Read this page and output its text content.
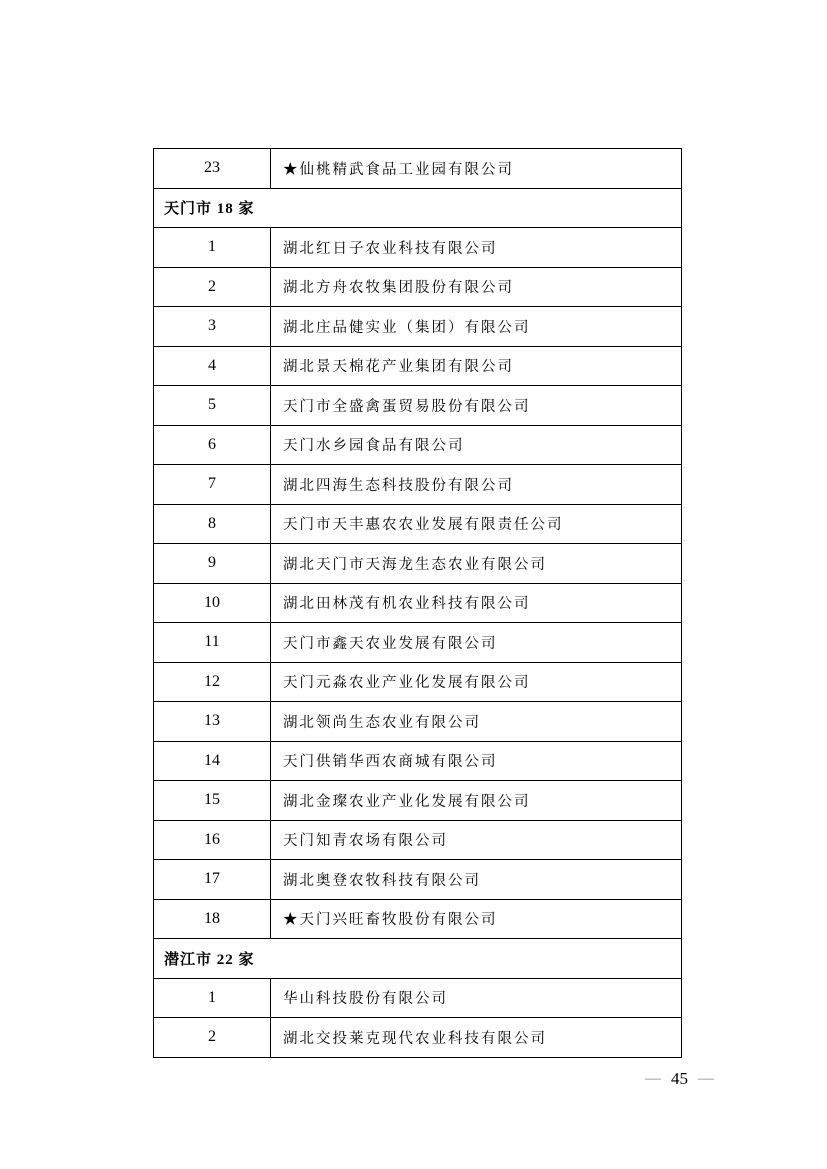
23	★仙桃精武食品工业园有限公司
天门市 18 家	
1	湖北红日子农业科技有限公司
2	湖北方舟农牧集团股份有限公司
3	湖北庄品健实业（集团）有限公司
4	湖北景天棉花产业集团有限公司
5	天门市全盛禽蛋贸易股份有限公司
6	天门水乡园食品有限公司
7	湖北四海生态科技股份有限公司
8	天门市天丰惠农农业发展有限责任公司
9	湖北天门市天海龙生态农业有限公司
10	湖北田林茂有机农业科技有限公司
11	天门市鑫天农业发展有限公司
12	天门元淼农业产业化发展有限公司
13	湖北领尚生态农业有限公司
14	天门供销华西农商城有限公司
15	湖北金璨农业产业化发展有限公司
16	天门知青农场有限公司
17	湖北奥登农牧科技有限公司
18	★天门兴旺畜牧股份有限公司
潜江市 22 家	
1	华山科技股份有限公司
2	湖北交投莱克现代农业科技有限公司
— 45 —
